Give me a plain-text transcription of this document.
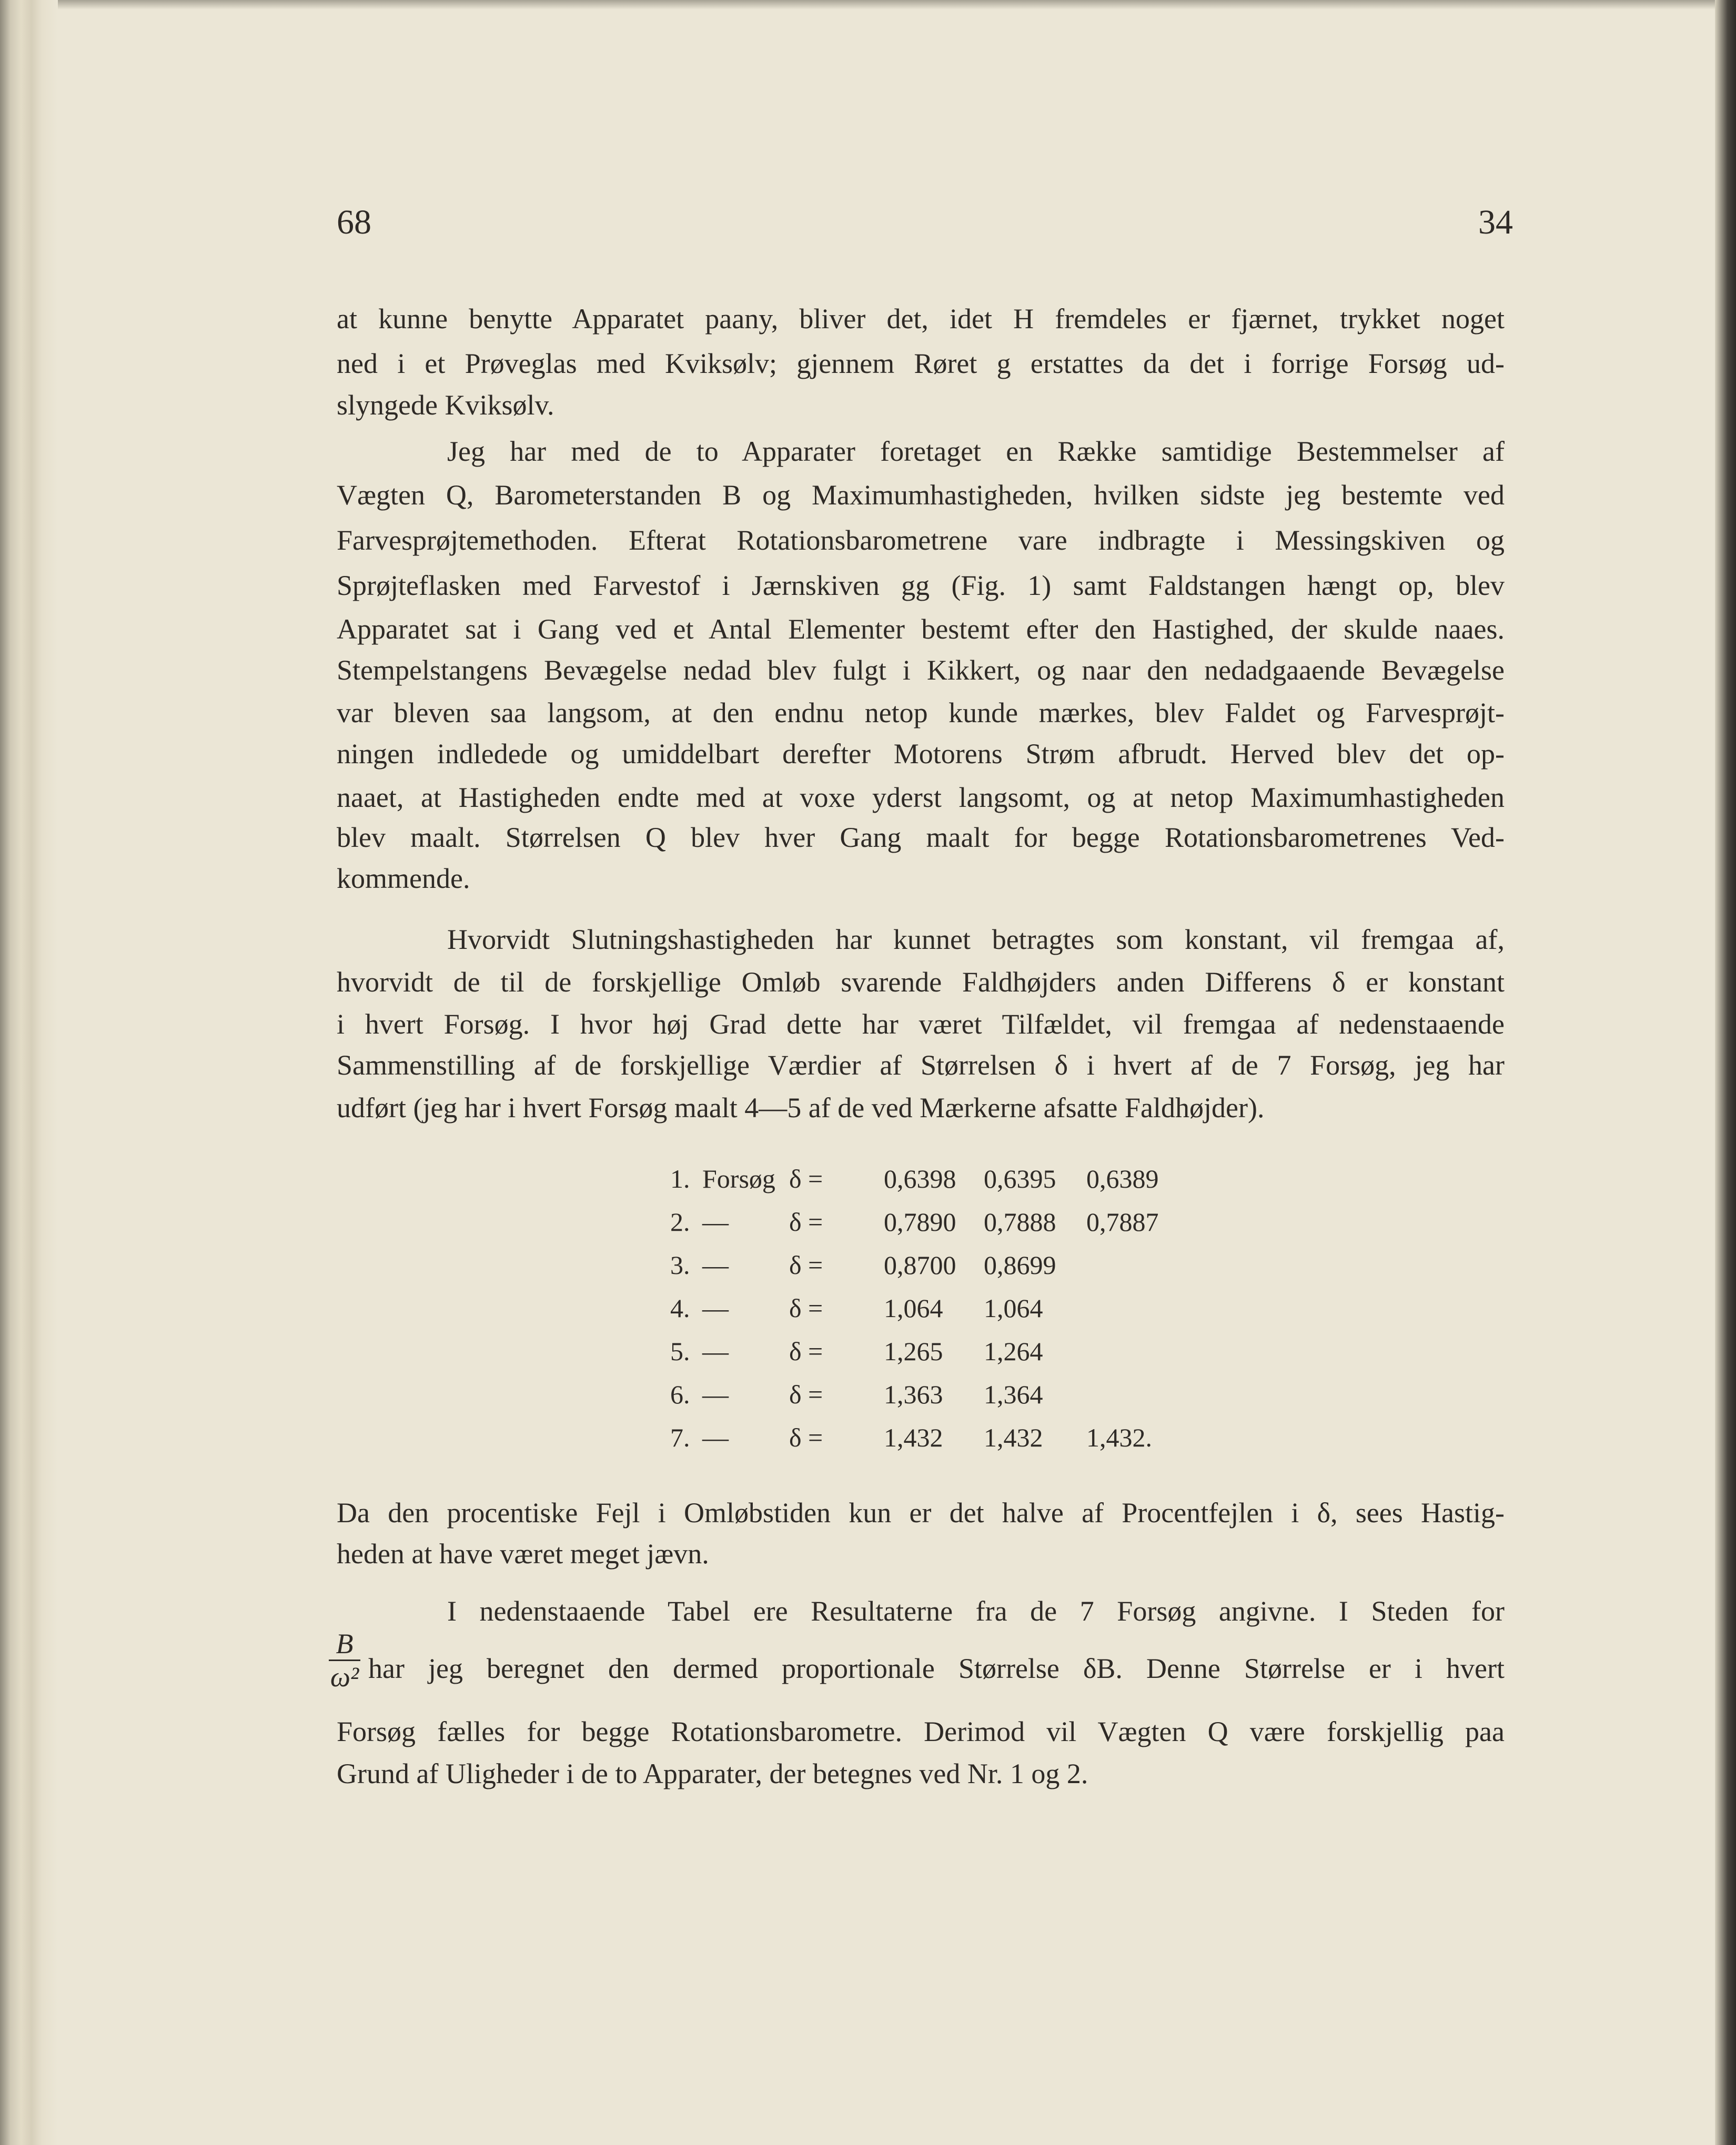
68	34
at kunne benytte Apparatet paany, bliver det, idet H fremdeles er fjærnet, trykket noget
ned i et Prøveglas med Kviksølv; gjennem Røret g erstattes da det i forrige Forsøg ud-
slyngede Kviksølv.
Jeg har med de to Apparater foretaget en Række samtidige Bestemmelser af
Vægten Q, Barometerstanden B og Maximumhastigheden, hvilken sidste jeg bestemte ved
Farvesprøjtemethoden. Efterat Rotationsbarometrene vare indbragte i Messingskiven og
Sprøjteflasken med Farvestof i Jærnskiven gg (Fig. 1) samt Faldstangen hængt op, blev
Apparatet sat i Gang ved et Antal Elementer bestemt efter den Hastighed, der skulde naaes.
Stempelstangens Bevægelse nedad blev fulgt i Kikkert, og naar den nedadgaaende Bevægelse
var bleven saa langsom, at den endnu netop kunde mærkes, blev Faldet og Farvesprøjt-
ningen indledede og umiddelbart derefter Motorens Strøm afbrudt. Herved blev det op-
naaet, at Hastigheden endte med at voxe yderst langsomt, og at netop Maximumhastigheden
blev maalt. Størrelsen Q blev hver Gang maalt for begge Rotationsbarometrenes Ved-
kommende.
Hvorvidt Slutningshastigheden har kunnet betragtes som konstant, vil fremgaa af,
hvorvidt de til de forskjellige Omløb svarende Faldhøjders anden Differens δ er konstant
i hvert Forsøg. I hvor høj Grad dette har været Tilfældet, vil fremgaa af nedenstaaende
Sammenstilling af de forskjellige Værdier af Størrelsen δ i hvert af de 7 Forsøg, jeg har
udført (jeg har i hvert Forsøg maalt 4—5 af de ved Mærkerne afsatte Faldhøjder).
1. Forsøg δ = 0,6398 0,6395 0,6389
2. — δ = 0,7890 0,7888 0,7887
3. — δ = 0,8700 0,8699
4. — δ = 1,064 1,064
5. — δ = 1,265 1,264
6. — δ = 1,363 1,364
7. — δ = 1,432 1,432 1,432.
Da den procentiske Fejl i Omløbstiden kun er det halve af Procentfejlen i δ, sees Hastig-
heden at have været meget jævn.
I nedenstaaende Tabel ere Resultaterne fra de 7 Forsøg angivne. I Steden for
$\frac{B}{\text{ω²}}$ har jeg beregnet den dermed proportionale Størrelse δB. Denne Størrelse er i hvert
Forsøg fælles for begge Rotationsbarometre. Derimod vil Vægten Q være forskjellig paa
Grund af Uligheder i de to Apparater, der betegnes ved Nr. 1 og 2.
